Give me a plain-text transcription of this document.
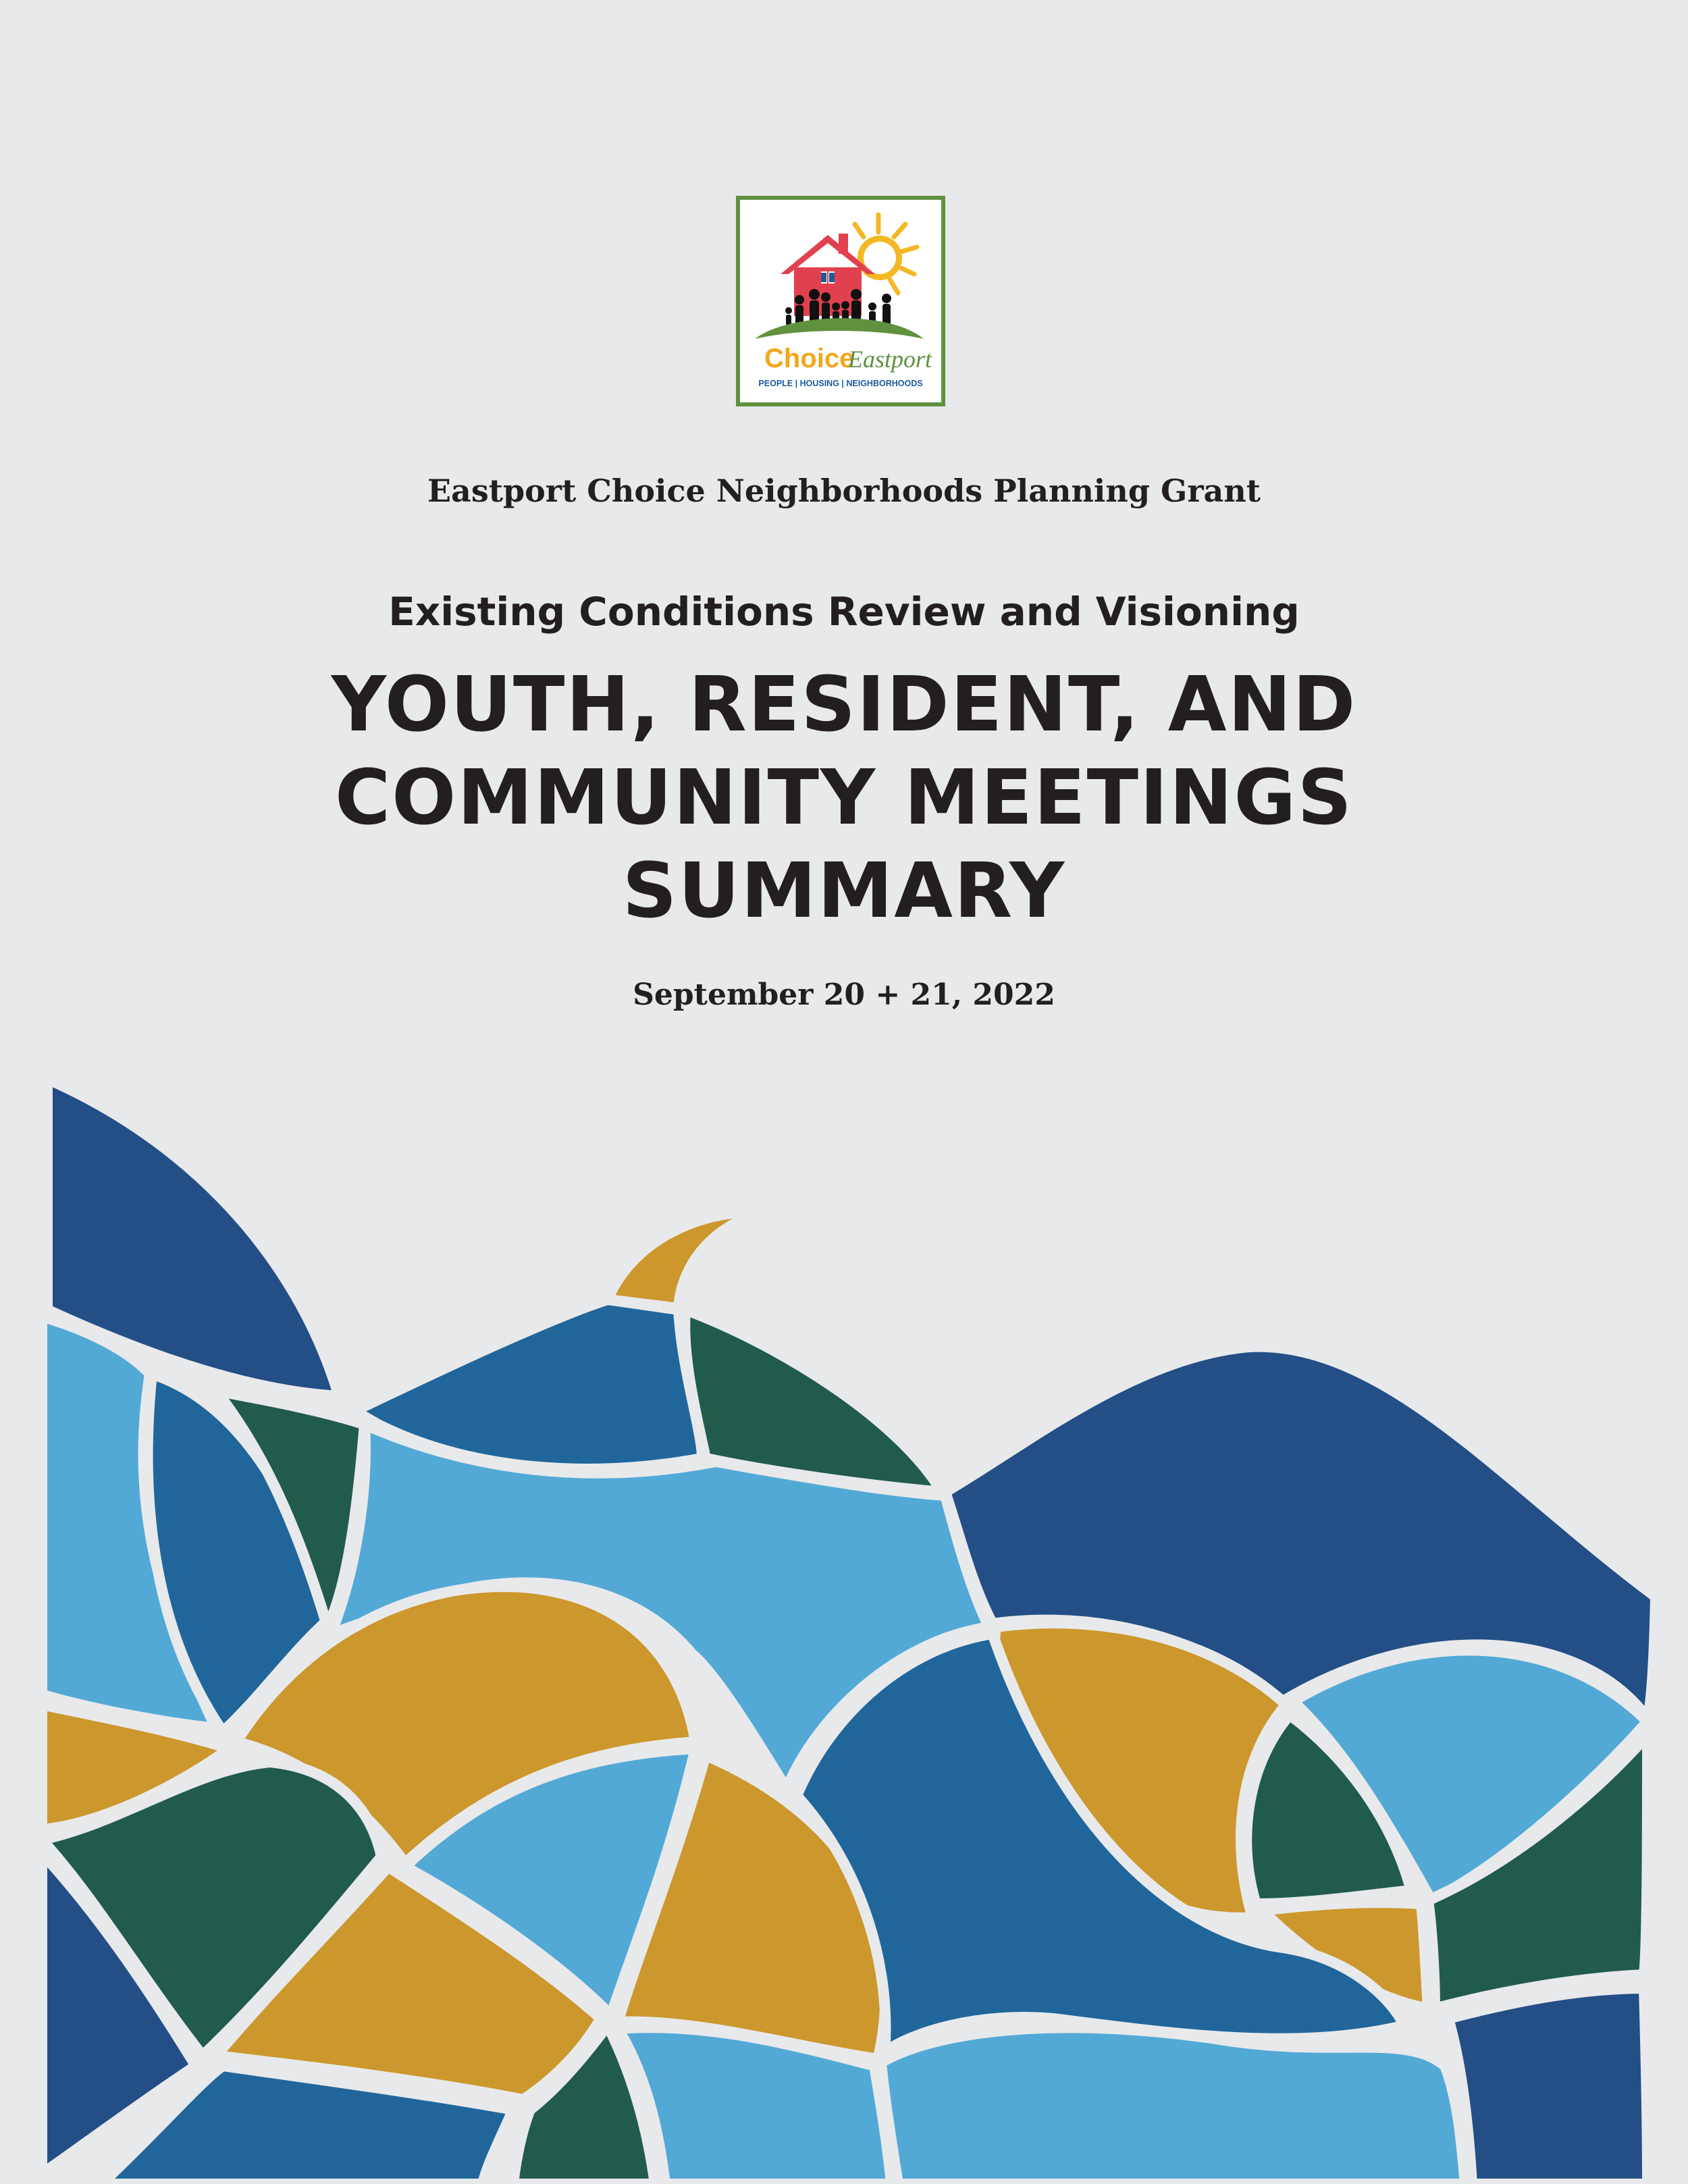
Choice
Eastport
PEOPLE | HOUSING | NEIGHBORHOODS
Eastport Choice Neighborhoods Planning Grant
Existing Conditions Review and Visioning
YOUTH, RESIDENT, AND
COMMUNITY MEETINGS
SUMMARY
September 20 + 21, 2022
